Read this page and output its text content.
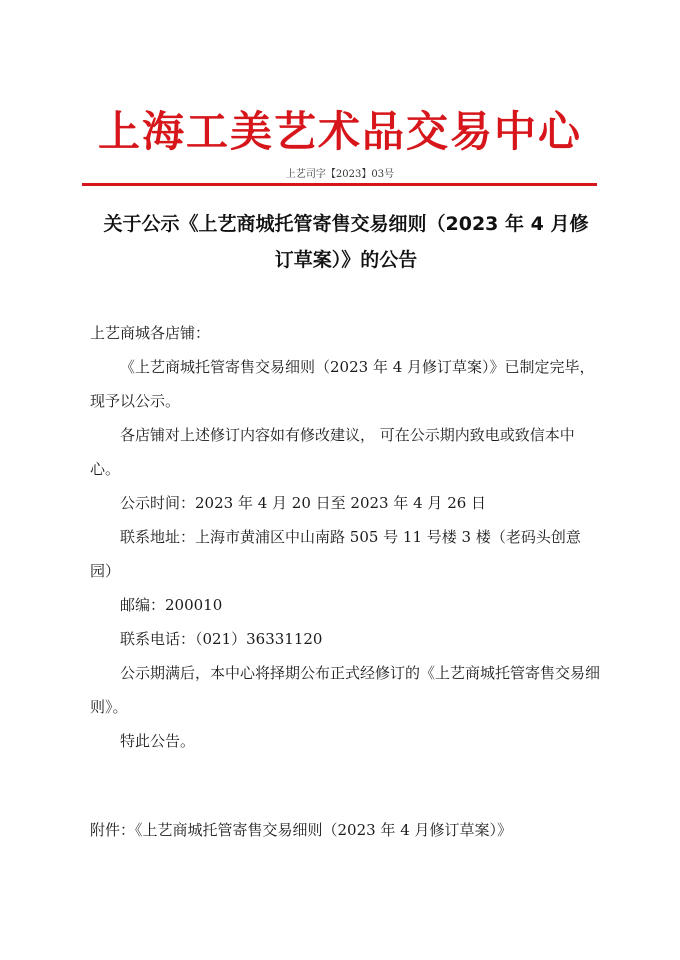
上海工美艺术品交易中心
上艺司字【2023】03号
关于公示《上艺商城托管寄售交易细则（2023 年 4 月修订草案）》的公告
上艺商城各店铺：

《上艺商城托管寄售交易细则（2023 年 4 月修订草案）》已制定完毕，现予以公示。

各店铺对上述修订内容如有修改建议， 可在公示期内致电或致信本中心。

公示时间：2023 年 4 月 20 日至 2023 年 4 月 26 日

联系地址：上海市黄浦区中山南路 505 号 11 号楼 3 楼（老码头创意园）

邮编：200010

联系电话：（021）36331120

公示期满后，本中心将择期公布正式经修订的《上艺商城托管寄售交易细则》。

特此公告。

附件：《上艺商城托管寄售交易细则（2023 年 4 月修订草案）》
